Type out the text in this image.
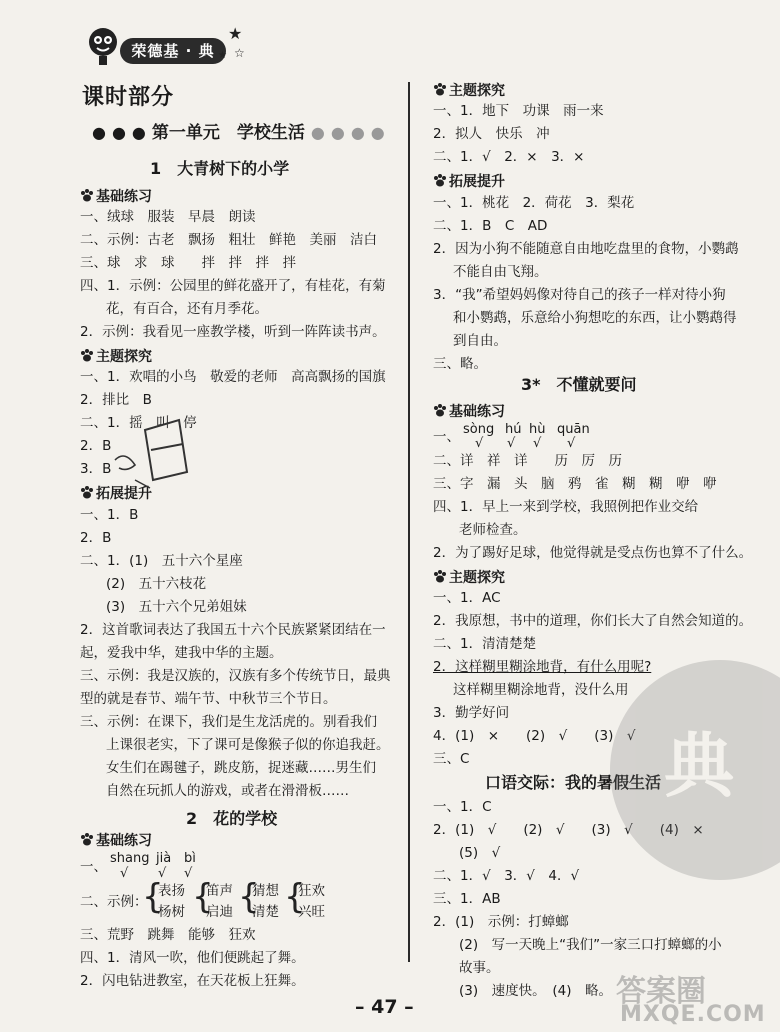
荣德基 · 典
★
☆
★
课时部分
●●●第一单元　学校生活 ●●●●
1　大青树下的小学
基础练习
一、绒球　服装　早晨　朗读
二、示例：古老　飘扬　粗壮　鲜艳　美丽　洁白
三、球　求　球　　拌　拌　拌　拌
四、1．示例：公园里的鲜花盛开了，有桂花，有菊
花，有百合，还有月季花。
2．示例：我看见一座教学楼，听到一阵阵读书声。
主题探究
一、1．欢唱的小鸟　敬爱的老师　高高飘扬的国旗
2．排比　B
二、1．摇　叫　停
2．B
3．B
拓展提升
一、1．B
2．B
二、1．(1)　五十六个星座
(2)　五十六枝花
(3)　五十六个兄弟姐妹
2．这首歌词表达了我国五十六个民族紧紧团结在一
起，爱我中华，建我中华的主题。
三、示例：我是汉族的，汉族有多个传统节日，最典
型的就是春节、端午节、中秋节三个节日。
三、示例：在课下，我们是生龙活虎的。别看我们
上课很老实，下了课可是像猴子似的你追我赶。
女生们在踢毽子，跳皮筋，捉迷藏……男生们
自然在玩抓人的游戏，或者在滑滑板……
2　花的学校
基础练习
一、
shang jià bì
√ √ √
二、示例：
{
表扬
杨树 {
笛声
启迪 {
猜想
清楚 {
狂欢
兴旺
三、荒野　跳舞　能够　狂欢
四、1．清风一吹，他们便跳起了舞。
2．闪电钻进教室，在天花板上狂舞。
主题探究
一、1．地下　功课　雨一来
2．拟人　快乐　冲
二、1．√　2．×　3．×
拓展提升
一、1．桃花　2．荷花　3．梨花
二、1．B　C　AD
2．因为小狗不能随意自由地吃盘里的食物，小鹦鹉
不能自由飞翔。
3．“我”希望妈妈像对待自己的孩子一样对待小狗
和小鹦鹉，乐意给小狗想吃的东西，让小鹦鹉得
到自由。
三、略。
3*　不懂就要问
基础练习
一、 sòng hú hù quān
√ √ √ √
二、详　祥　详　　历　厉　历
三、字　漏　头　脑　鸦　雀　糊　糊　咿　咿
四、1．早上一来到学校，我照例把作业交给
老师检查。
2．为了踢好足球，他觉得就是受点伤也算不了什么。
主题探究
一、1．AC
2．我原想，书中的道理，你们长大了自然会知道的。
二、1．清清楚楚
2．这样糊里糊涂地背，有什么用呢?
这样糊里糊涂地背，没什么用
3．勤学好问
4．(1)　×　　(2)　√　　(3)　√
三、C
口语交际：我的暑假生活
一、1．C
2．(1)　√　　(2)　√　　(3)　√　　(4)　×
(5)　√
二、1．√　3．√　4．√
三、1．AB
2．(1)　示例：打蟑螂
(2)　写一天晚上“我们”一家三口打蟑螂的小
故事。
(3)　速度快。　(4)　略。
典
– 47 –	答案圈
MXQE.COM
